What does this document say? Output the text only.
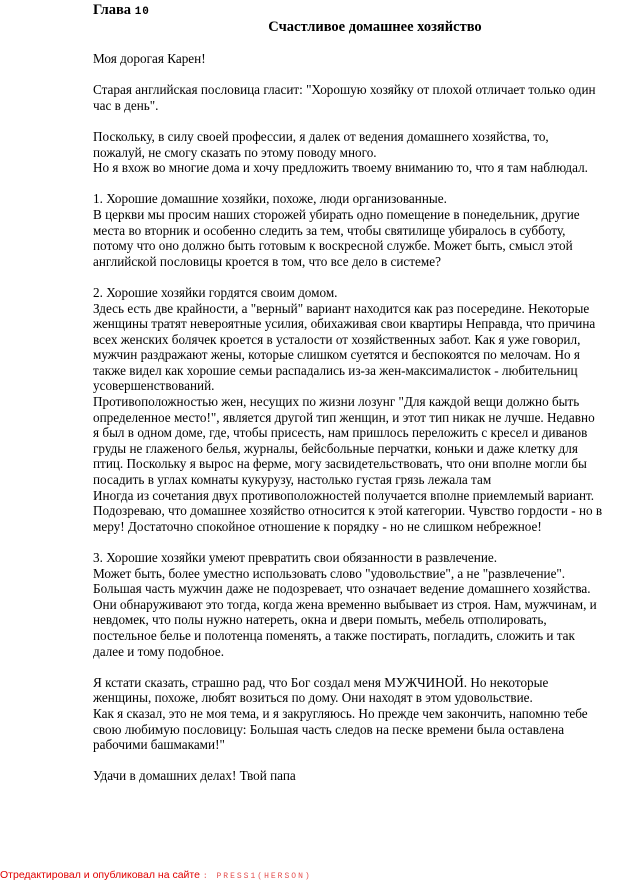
Глава 10
Счастливое домашнее хозяйство

Моя дорогая Карен!

Старая английская пословица гласит: "Хорошую хозяйку от плохой отличает только один час в день".

Поскольку, в силу своей профессии, я далек от ведения домашнего хозяйства, то, пожалуй, не смогу сказать по этому поводу много.
Но я вхож во многие дома и хочу предложить твоему вниманию то, что я там наблюдал.

1. Хорошие домашние хозяйки, похоже, люди организованные.
В церкви мы просим наших сторожей убирать одно помещение в понедельник, другие места во вторник и особенно следить за тем, чтобы святилище убиралось в субботу, потому что оно должно быть готовым к воскресной службе. Может быть, смысл этой английской пословицы кроется в том, что все дело в системе?

2. Хорошие хозяйки гордятся своим домом.
Здесь есть две крайности, а "верный" вариант находится как раз посередине. Некоторые женщины тратят невероятные усилия, обихаживая свои квартиры Неправда, что причина всех женских болячек кроется в усталости от хозяйственных забот. Как я уже говорил, мужчин раздражают жены, которые слишком суетятся и беспокоятся по мелочам. Но я также видел как хорошие семьи распадались из-за жен-максималисток - любительниц усовершенствований.
Противоположностью жен, несущих по жизни лозунг "Для каждой вещи должно быть определенное место!", является другой тип женщин, и этот тип никак не лучше. Недавно я был в одном доме, где, чтобы присесть, нам пришлось переложить с кресел и диванов груды не глаженого белья, журналы, бейсбольные перчатки, коньки и даже клетку для птиц. Поскольку я вырос на ферме, могу засвидетельствовать, что они вполне могли бы посадить в углах комнаты кукурузу, настолько густая грязь лежала там
Иногда из сочетания двух противоположностей получается вполне приемлемый вариант. Подозреваю, что домашнее хозяйство относится к этой категории. Чувство гордости - но в меру! Достаточно спокойное отношение к порядку - но не слишком небрежное!

3. Хорошие хозяйки умеют превратить свои обязанности в развлечение.
Может быть, более уместно использовать слово "удовольствие", а не "развлечение". Большая часть мужчин даже не подозревает, что означает ведение домашнего хозяйства. Они обнаруживают это тогда, когда жена временно выбывает из строя. Нам, мужчинам, и невдомек, что полы нужно натереть, окна и двери помыть, мебель отполировать, постельное белье и полотенца поменять, а также постирать, погладить, сложить и так далее и тому подобное.

Я кстати сказать, страшно рад, что Бог создал меня МУЖЧИНОЙ. Но некоторые женщины, похоже, любят возиться по дому. Они находят в этом удовольствие.
Как я сказал, это не моя тема, и я закругляюсь. Но прежде чем закончить, напомню тебе свою любимую пословицу: Большая часть следов на песке времени была оставлена рабочими башмаками!"

Удачи в домашних делах! Твой папа

Отредактировал и опубликовал на сайте : PRESS1(HERSON)
